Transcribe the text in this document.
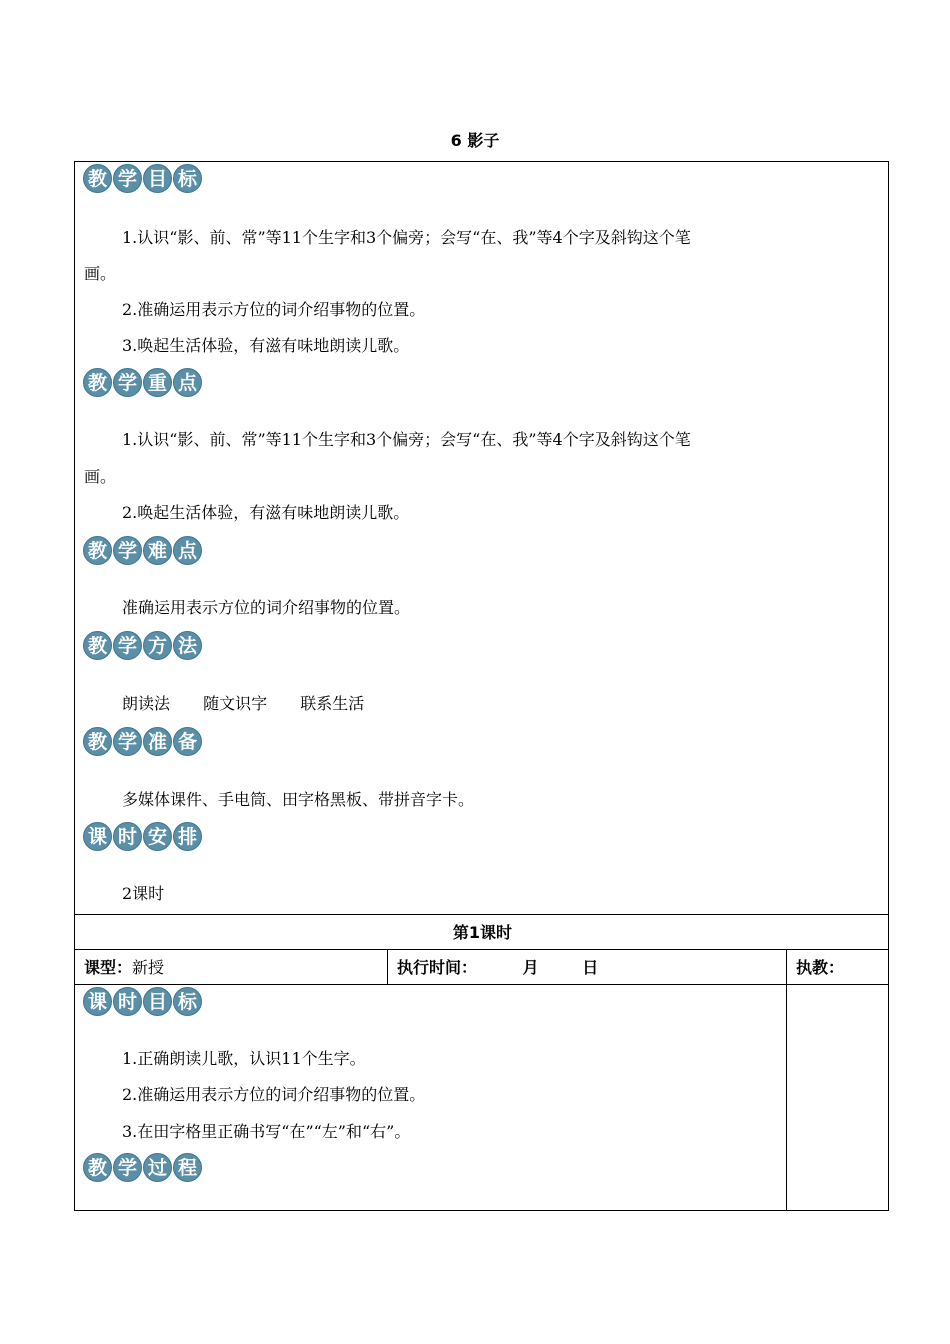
6 影子
教 学 目 标
1.认识“影、前、常”等11个生字和3个偏旁；会写“在、我”等4个字及斜钩这个笔
画。
2.准确运用表示方位的词介绍事物的位置。
3.唤起生活体验，有滋有味地朗读儿歌。
教 学 重 点
1.认识“影、前、常”等11个生字和3个偏旁；会写“在、我”等4个字及斜钩这个笔
画。
2.唤起生活体验，有滋有味地朗读儿歌。
教 学 难 点
准确运用表示方位的词介绍事物的位置。
教 学 方 法
朗读法 随文识字 联系生活
教 学 准 备
多媒体课件、手电筒、田字格黑板、带拼音字卡。
课 时 安 排
2课时
第1课时
课型：新授	执行时间：	月	日	执教：
课 时 目 标
1.正确朗读儿歌，认识11个生字。
2.准确运用表示方位的词介绍事物的位置。
3.在田字格里正确书写“在”“左”和“右”。
教 学 过 程
